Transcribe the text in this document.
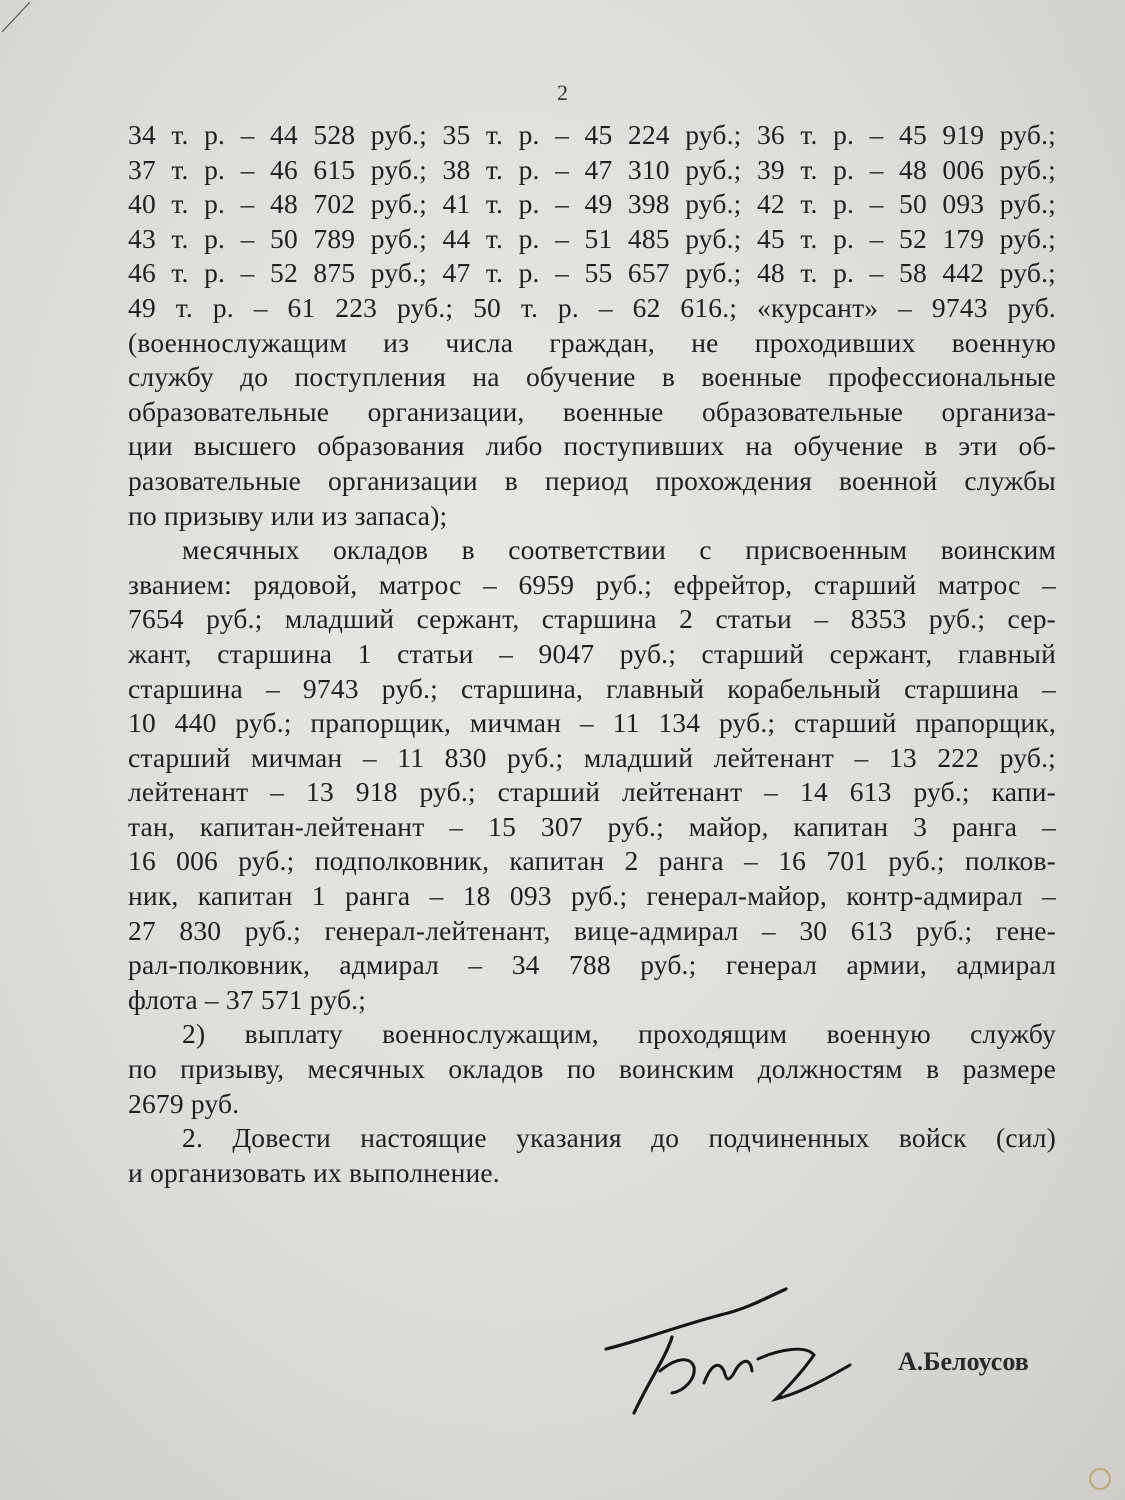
2
34 т. р. – 44 528 руб.; 35 т. р. – 45 224 руб.; 36 т. р. – 45 919 руб.;
37 т. р. – 46 615 руб.; 38 т. р. – 47 310 руб.; 39 т. р. – 48 006 руб.;
40 т. р. – 48 702 руб.; 41 т. р. – 49 398 руб.; 42 т. р. – 50 093 руб.;
43 т. р. – 50 789 руб.; 44 т. р. – 51 485 руб.; 45 т. р. – 52 179 руб.;
46 т. р. – 52 875 руб.; 47 т. р. – 55 657 руб.; 48 т. р. – 58 442 руб.;
49 т. р. – 61 223 руб.; 50 т. р. – 62 616.; «курсант» – 9743 руб.
(военнослужащим из числа граждан, не проходивших военную
службу до поступления на обучение в военные профессиональные
образовательные организации, военные образовательные организа-
ции высшего образования либо поступивших на обучение в эти об-
разовательные организации в период прохождения военной службы
по призыву или из запаса);
месячных окладов в соответствии с присвоенным воинским
званием: рядовой, матрос – 6959 руб.; ефрейтор, старший матрос –
7654 руб.; младший сержант, старшина 2 статьи – 8353 руб.; сер-
жант, старшина 1 статьи – 9047 руб.; старший сержант, главный
старшина – 9743 руб.; старшина, главный корабельный старшина –
10 440 руб.; прапорщик, мичман – 11 134 руб.; старший прапорщик,
старший мичман – 11 830 руб.; младший лейтенант – 13 222 руб.;
лейтенант – 13 918 руб.; старший лейтенант – 14 613 руб.; капи-
тан, капитан-лейтенант – 15 307 руб.; майор, капитан 3 ранга –
16 006 руб.; подполковник, капитан 2 ранга – 16 701 руб.; полков-
ник, капитан 1 ранга – 18 093 руб.; генерал-майор, контр-адмирал –
27 830 руб.; генерал-лейтенант, вице-адмирал – 30 613 руб.; гене-
рал-полковник, адмирал – 34 788 руб.; генерал армии, адмирал
флота – 37 571 руб.;
2) выплату военнослужащим, проходящим военную службу
по призыву, месячных окладов по воинским должностям в размере
2679 руб.
2. Довести настоящие указания до подчиненных войск (сил)
и организовать их выполнение.
А.Белоусов
